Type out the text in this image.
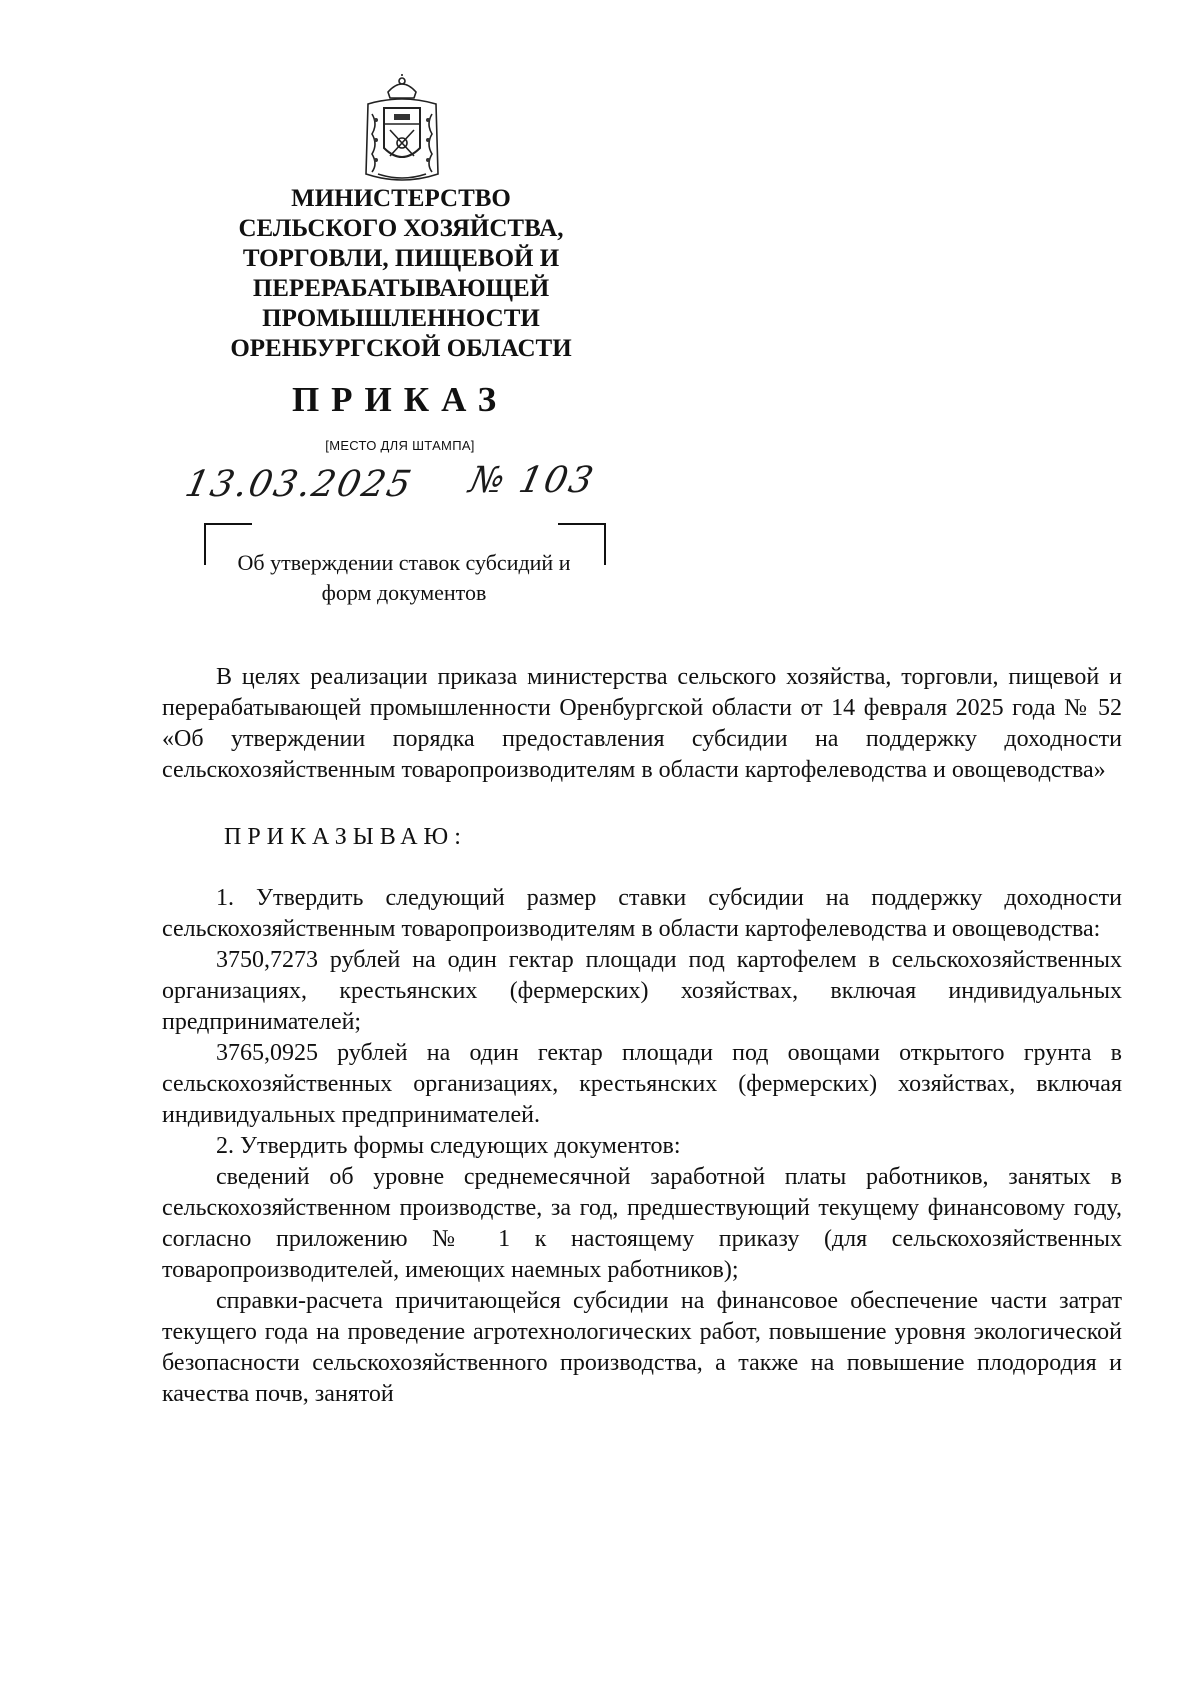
МИНИСТЕРСТВО
СЕЛЬСКОГО ХОЗЯЙСТВА,
ТОРГОВЛИ, ПИЩЕВОЙ И
ПЕРЕРАБАТЫВАЮЩЕЙ
ПРОМЫШЛЕННОСТИ
ОРЕНБУРГСКОЙ ОБЛАСТИ
ПРИКАЗ
[МЕСТО ДЛЯ ШТАМПА]
13.03.2025 № 103
Об утверждении ставок субсидий и
форм документов

В целях реализации приказа министерства сельского хозяйства, торговли, пищевой и перерабатывающей промышленности Оренбургской области от 14 февраля 2025 года № 52 «Об утверждении порядка предоставления субсидии на поддержку доходности сельскохозяйственным товаропроизводителям в области картофелеводства и овощеводства»

ПРИКАЗЫВАЮ:

1. Утвердить следующий размер ставки субсидии на поддержку доходности сельскохозяйственным товаропроизводителям в области картофелеводства и овощеводства:

3750,7273 рублей на один гектар площади под картофелем в сельскохозяйственных организациях, крестьянских (фермерских) хозяйствах, включая индивидуальных предпринимателей;

3765,0925 рублей на один гектар площади под овощами открытого грунта в сельскохозяйственных организациях, крестьянских (фермерских) хозяйствах, включая индивидуальных предпринимателей.

2. Утвердить формы следующих документов:

сведений об уровне среднемесячной заработной платы работников, занятых в сельскохозяйственном производстве, за год, предшествующий текущему финансовому году, согласно приложению № 1 к настоящему приказу (для сельскохозяйственных товаропроизводителей, имеющих наемных работников);

справки-расчета причитающейся субсидии на финансовое обеспечение части затрат текущего года на проведение агротехнологических работ, повышение уровня экологической безопасности сельскохозяйственного производства, а также на повышение плодородия и качества почв, занятой
